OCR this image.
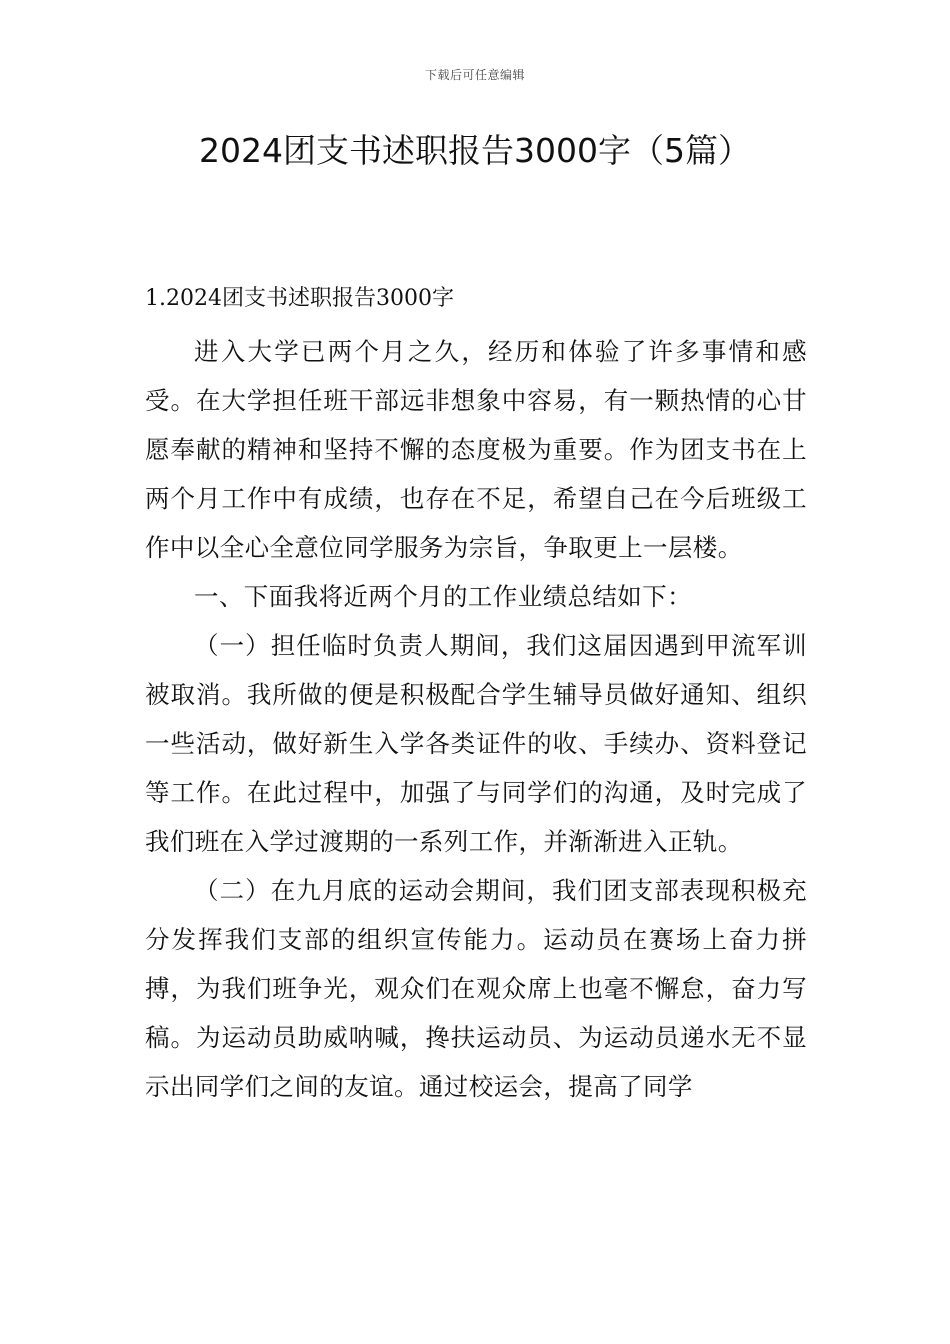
下载后可任意编辑
2024团支书述职报告3000字（5篇）
1.2024团支书述职报告3000字

进入大学已两个月之久，经历和体验了许多事情和感受。在大学担任班干部远非想象中容易，有一颗热情的心甘愿奉献的精神和坚持不懈的态度极为重要。作为团支书在上两个月工作中有成绩，也存在不足，希望自己在今后班级工作中以全心全意位同学服务为宗旨，争取更上一层楼。

一、下面我将近两个月的工作业绩总结如下：

（一）担任临时负责人期间，我们这届因遇到甲流军训被取消。我所做的便是积极配合学生辅导员做好通知、组织一些活动，做好新生入学各类证件的收、手续办、资料登记等工作。在此过程中，加强了与同学们的沟通，及时完成了我们班在入学过渡期的一系列工作，并渐渐进入正轨。

（二）在九月底的运动会期间，我们团支部表现积极充分发挥我们支部的组织宣传能力。运动员在赛场上奋力拼搏，为我们班争光，观众们在观众席上也毫不懈怠，奋力写稿。为运动员助威呐喊，搀扶运动员、为运动员递水无不显示出同学们之间的友谊。通过校运会，提高了同学
